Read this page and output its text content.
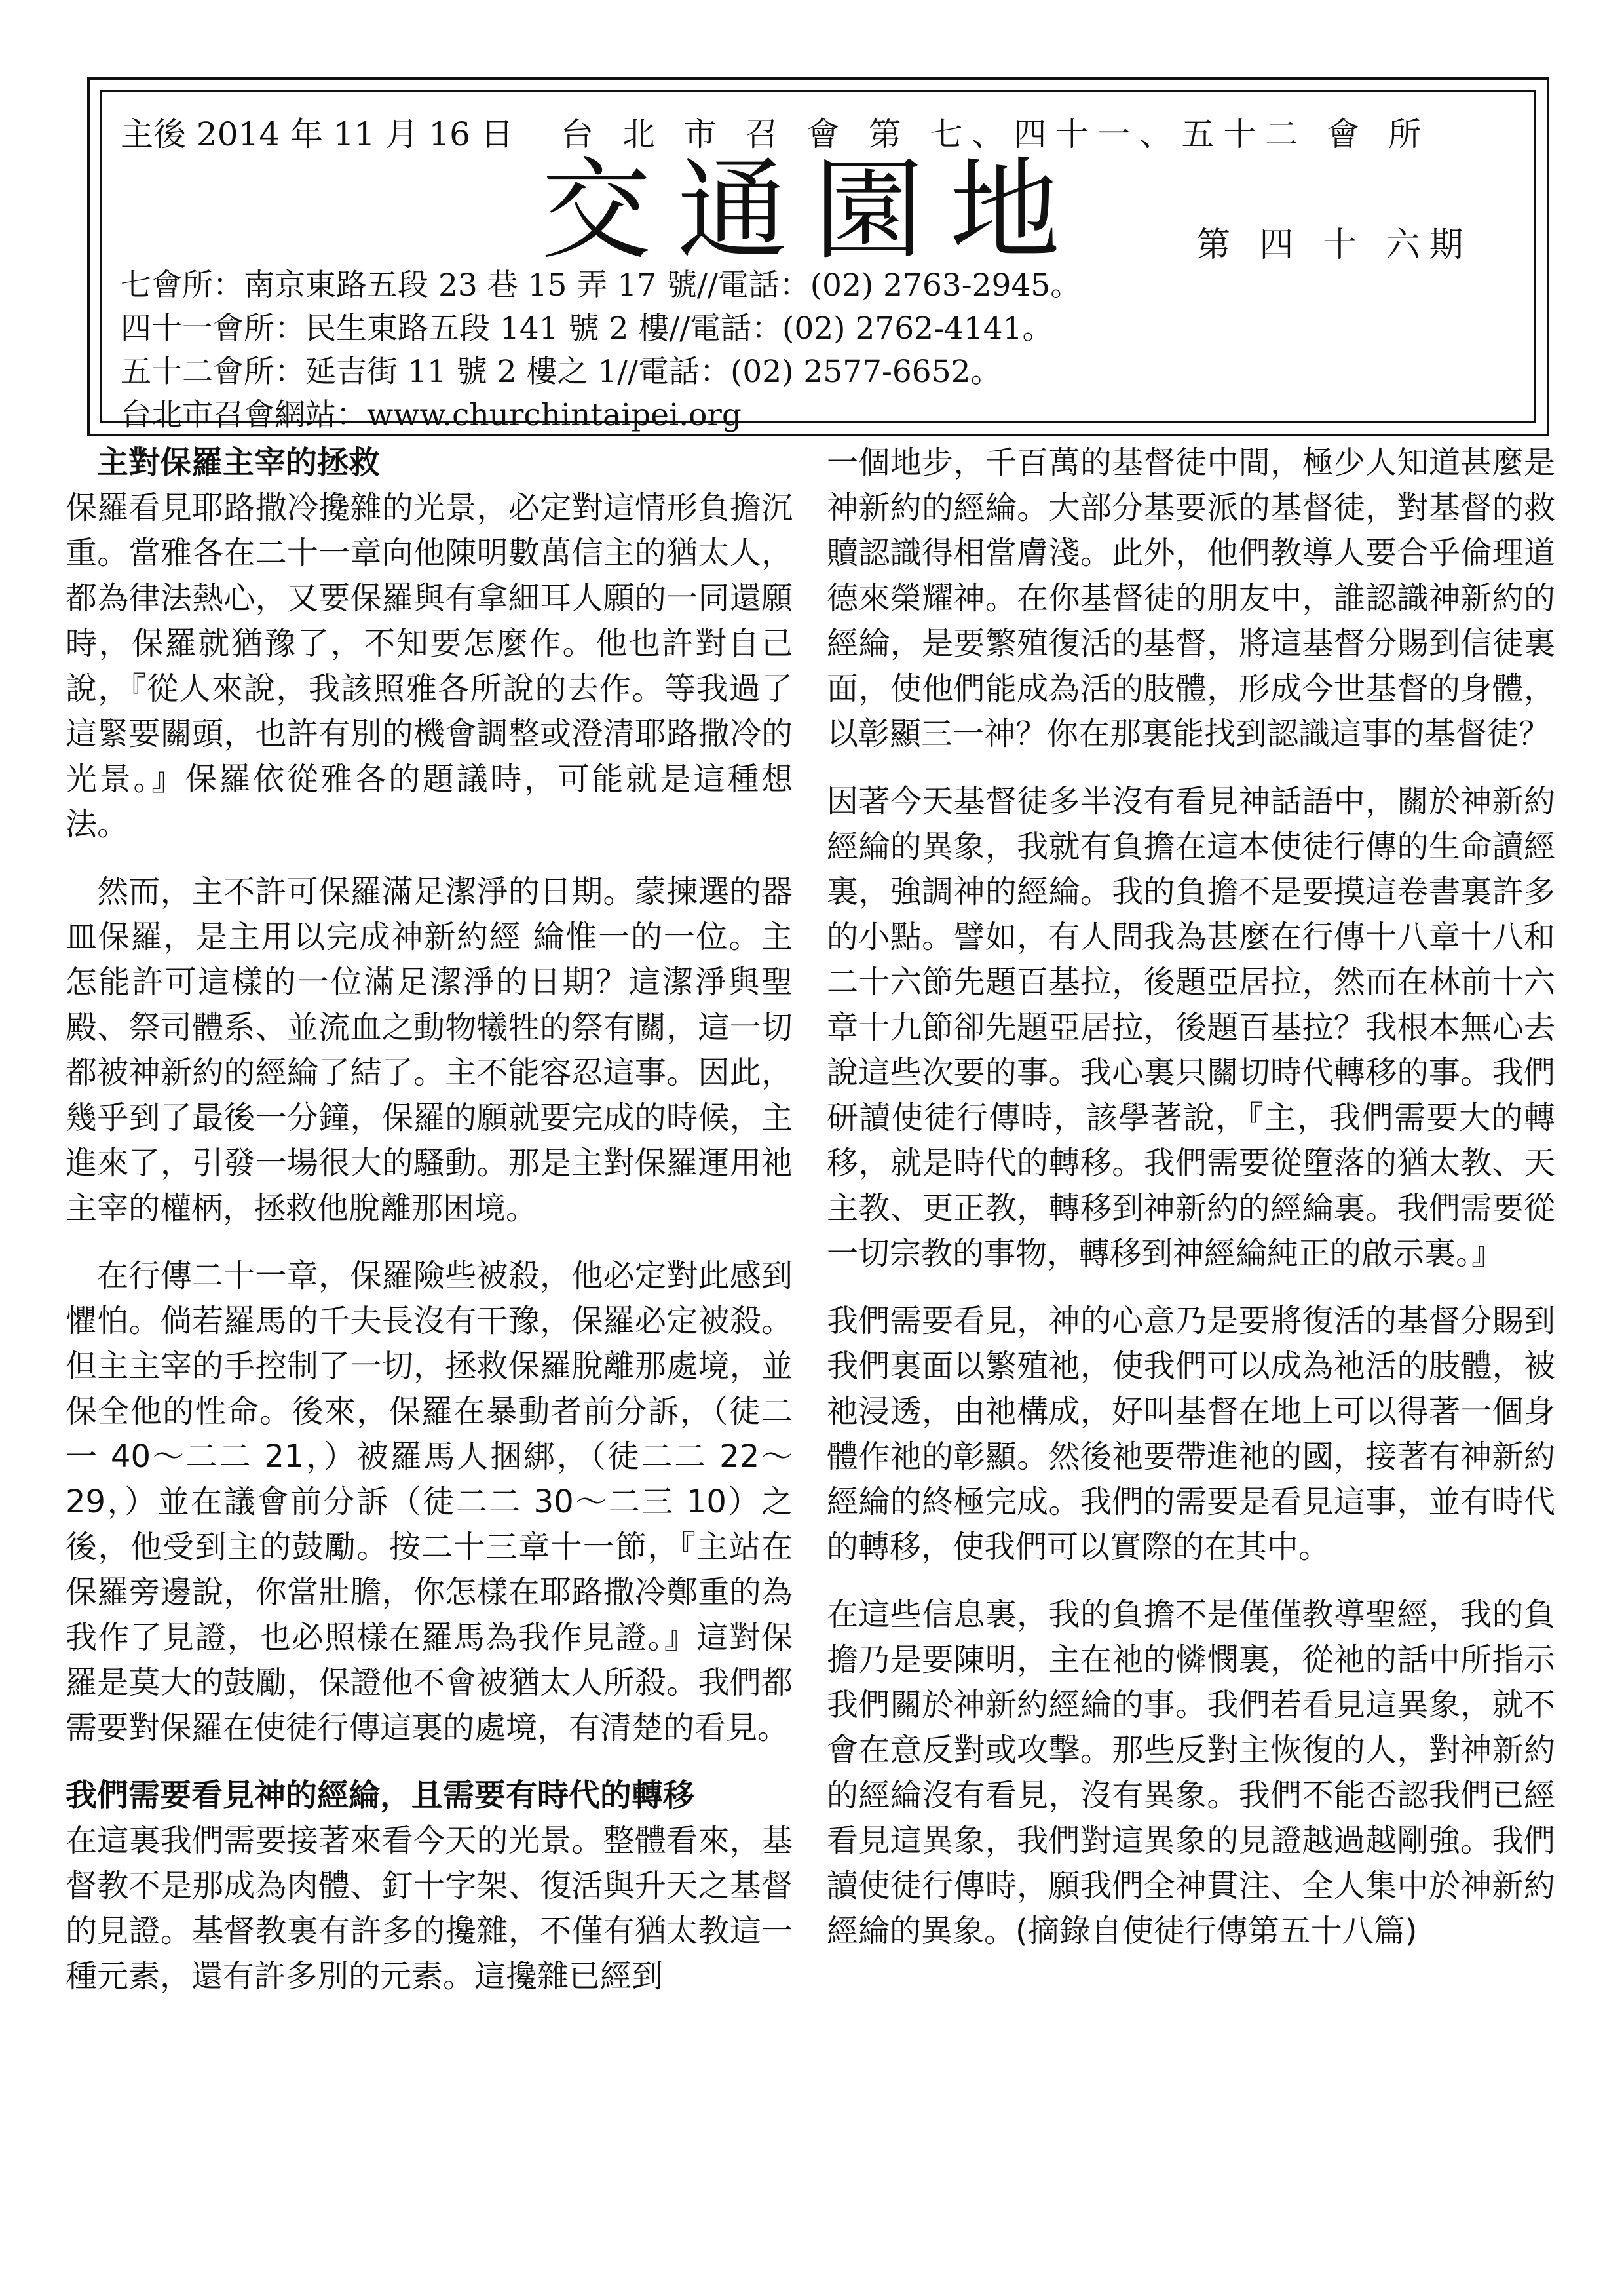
主後 2014 年 11 月 16 日 台 北 市 召 會 第 七、四十一、五十二 會 所
交通園地	第 四 十 六期
七會所：南京東路五段 23 巷 15 弄 17 號//電話：(02) 2763-2945。
四十一會所：民生東路五段 141 號 2 樓//電話：(02) 2762-4141。
五十二會所：延吉街 11 號 2 樓之 1//電話：(02) 2577-6652。
台北市召會網站：www.churchintaipei.org

主對保羅主宰的拯救

保羅看見耶路撒冷攙雜的光景，必定對這情形負擔沉重。當雅各在二十一章向他陳明數萬信主的猶太人，都為律法熱心，又要保羅與有拿細耳人願的一同還願時，保羅就猶豫了，不知要怎麼作。他也許對自己說，『從人來說，我該照雅各所說的去作。等我過了這緊要關頭，也許有別的機會調整或澄清耶路撒冷的光景。』保羅依從雅各的題議時，可能就是這種想法。

然而，主不許可保羅滿足潔淨的日期。蒙揀選的器皿保羅，是主用以完成神新約經 綸惟一的一位。主怎能許可這樣的一位滿足潔淨的日期？這潔淨與聖殿、祭司體系、並流血之動物犧牲的祭有關，這一切都被神新約的經綸了結了。主不能容忍這事。因此，幾乎到了最後一分鐘，保羅的願就要完成的時候，主進來了，引發一場很大的騷動。那是主對保羅運用祂主宰的權柄，拯救他脫離那困境。

在行傳二十一章，保羅險些被殺，他必定對此感到懼怕。倘若羅馬的千夫長沒有干豫，保羅必定被殺。但主主宰的手控制了一切，拯救保羅脫離那處境，並保全他的性命。後來，保羅在暴動者前分訴，（徒二一 40～二二 21，）被羅馬人捆綁，（徒二二 22～29，）並在議會前分訴（徒二二 30～二三 10）之後，他受到主的鼓勵。按二十三章十一節，『主站在保羅旁邊說，你當壯膽，你怎樣在耶路撒冷鄭重的為我作了見證，也必照樣在羅馬為我作見證。』這對保羅是莫大的鼓勵，保證他不會被猶太人所殺。我們都需要對保羅在使徒行傳這裏的處境，有清楚的看見。

我們需要看見神的經綸，且需要有時代的轉移

在這裏我們需要接著來看今天的光景。整體看來，基督教不是那成為肉體、釘十字架、復活與升天之基督的見證。基督教裏有許多的攙雜，不僅有猶太教這一種元素，還有許多別的元素。這攙雜已經到

一個地步，千百萬的基督徒中間，極少人知道甚麼是神新約的經綸。大部分基要派的基督徒，對基督的救贖認識得相當膚淺。此外，他們教導人要合乎倫理道德來榮耀神。在你基督徒的朋友中，誰認識神新約的經綸，是要繁殖復活的基督，將這基督分賜到信徒裏面，使他們能成為活的肢體，形成今世基督的身體，以彰顯三一神？你在那裏能找到認識這事的基督徒？

因著今天基督徒多半沒有看見神話語中，關於神新約經綸的異象，我就有負擔在這本使徒行傳的生命讀經裏，強調神的經綸。我的負擔不是要摸這卷書裏許多的小點。譬如，有人問我為甚麼在行傳十八章十八和二十六節先題百基拉，後題亞居拉，然而在林前十六章十九節卻先題亞居拉，後題百基拉？我根本無心去說這些次要的事。我心裏只關切時代轉移的事。我們研讀使徒行傳時，該學著說，『主，我們需要大的轉移，就是時代的轉移。我們需要從墮落的猶太教、天主教、更正教，轉移到神新約的經綸裏。我們需要從一切宗教的事物，轉移到神經綸純正的啟示裏。』

我們需要看見，神的心意乃是要將復活的基督分賜到我們裏面以繁殖祂，使我們可以成為祂活的肢體，被祂浸透，由祂構成，好叫基督在地上可以得著一個身體作祂的彰顯。然後祂要帶進祂的國，接著有神新約經綸的終極完成。我們的需要是看見這事，並有時代的轉移，使我們可以實際的在其中。

在這些信息裏，我的負擔不是僅僅教導聖經，我的負擔乃是要陳明，主在祂的憐憫裏，從祂的話中所指示我們關於神新約經綸的事。我們若看見這異象，就不會在意反對或攻擊。那些反對主恢復的人，對神新約的經綸沒有看見，沒有異象。我們不能否認我們已經看見這異象，我們對這異象的見證越過越剛強。我們讀使徒行傳時，願我們全神貫注、全人集中於神新約經綸的異象。(摘錄自使徒行傳第五十八篇)
